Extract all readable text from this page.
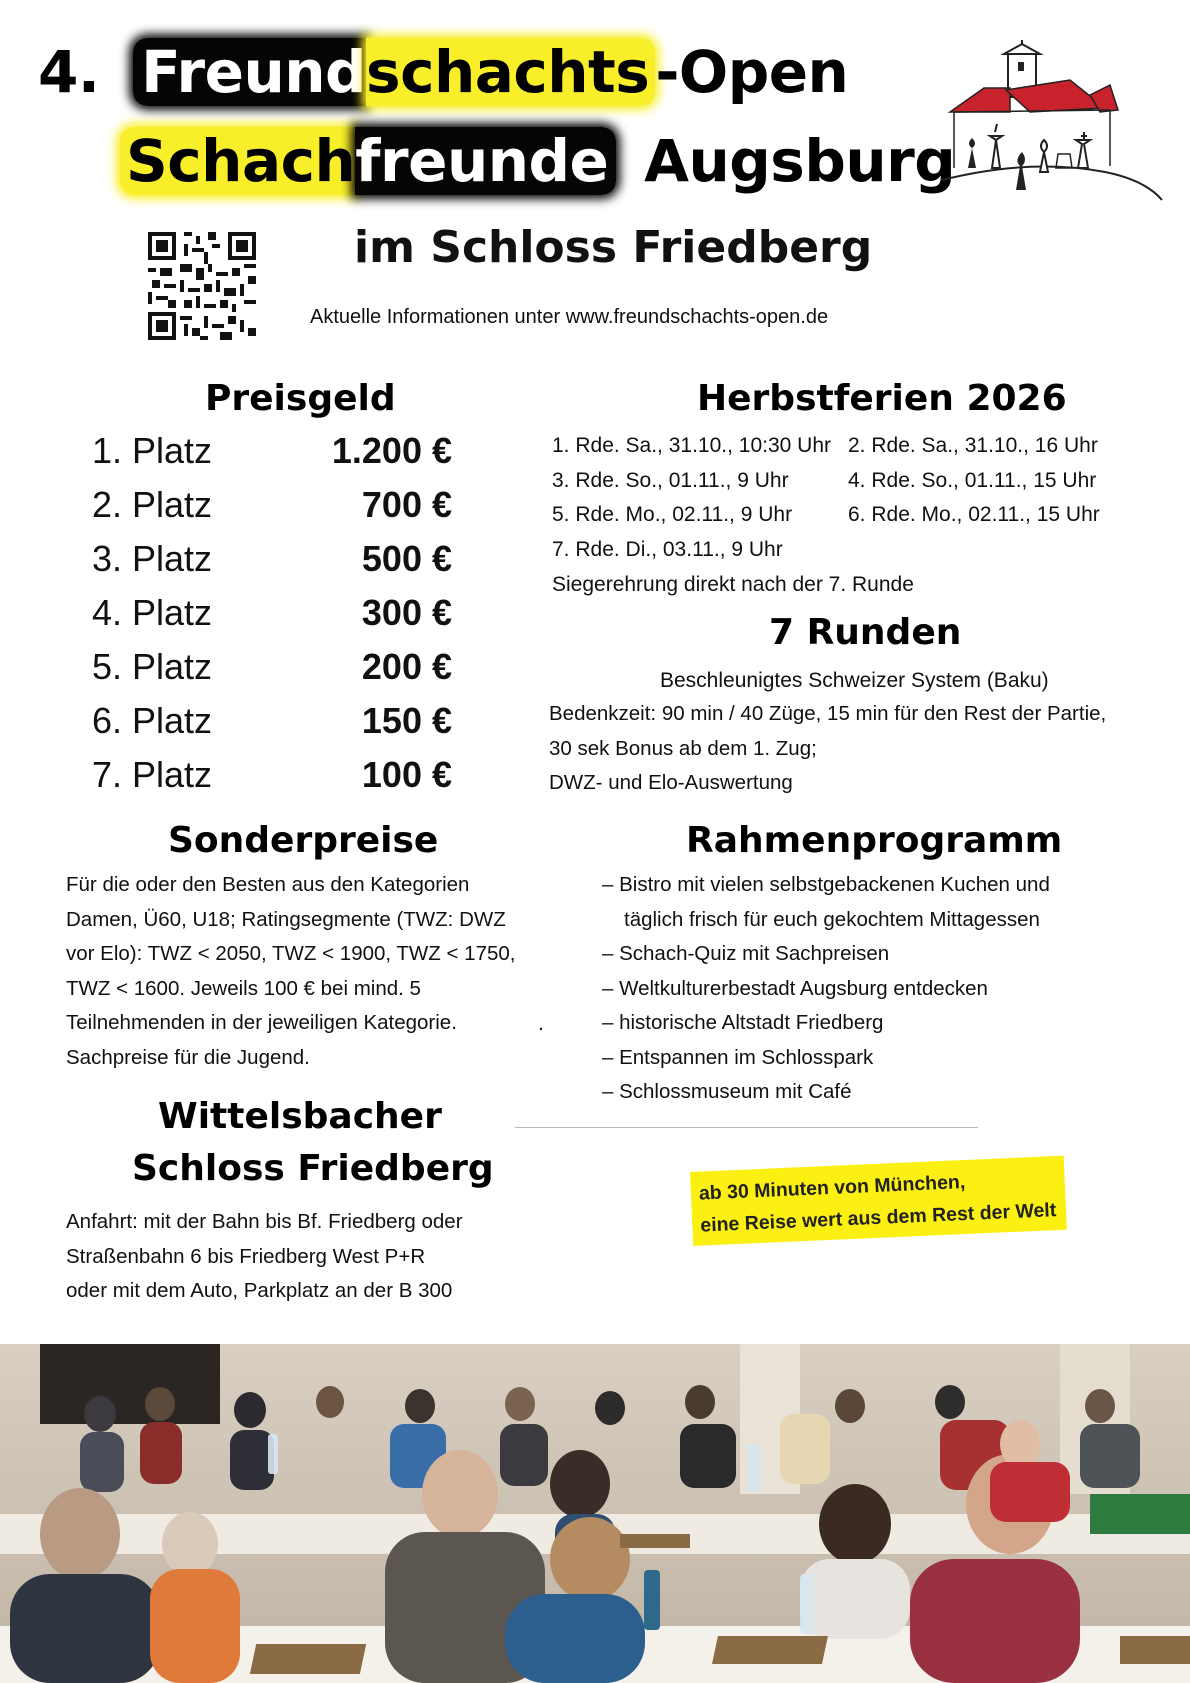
4. Freundschachts -Open
Schachfreunde Augsburg
im Schloss Friedberg
Aktuelle Informationen unter www.freundschachts-open.de
Preisgeld
1. Platz	1.200 €
2. Platz	700 €
3. Platz	500 €
4. Platz	300 €
5. Platz	200 €
6. Platz	150 €
7. Platz	100 €
Herbstferien 2026
1. Rde. Sa., 31.10., 10:30 Uhr 2. Rde. Sa., 31.10., 16 Uhr
3. Rde. So., 01.11., 9 Uhr	4. Rde. So., 01.11., 15 Uhr
5. Rde. Mo., 02.11., 9 Uhr	6. Rde. Mo., 02.11., 15 Uhr
7. Rde. Di., 03.11., 9 Uhr
Siegerehrung direkt nach der 7. Runde
7 Runden
Beschleunigtes Schweizer System (Baku)
Bedenkzeit: 90 min / 40 Züge, 15 min für den Rest der Partie,
30 sek Bonus ab dem 1. Zug;
DWZ- und Elo-Auswertung
Sonderpreise
Für die oder den Besten aus den Kategorien
Damen, Ü60, U18; Ratingsegmente (TWZ: DWZ
vor Elo): TWZ < 2050, TWZ < 1900, TWZ < 1750,
TWZ < 1600. Jeweils 100 € bei mind. 5
Teilnehmenden in der jeweiligen Kategorie.
Sachpreise für die Jugend.
.
Rahmenprogramm
– Bistro mit vielen selbstgebackenen Kuchen und
täglich frisch für euch gekochtem Mittagessen
– Schach-Quiz mit Sachpreisen
– Weltkulturerbestadt Augsburg entdecken
– historische Altstadt Friedberg
– Entspannen im Schlosspark
– Schlossmuseum mit Café
Wittelsbacher
Schloss Friedberg
Anfahrt: mit der Bahn bis Bf. Friedberg oder
Straßenbahn 6 bis Friedberg West P+R
oder mit dem Auto, Parkplatz an der B 300
ab 30 Minuten von München,
eine Reise wert aus dem Rest der Welt
